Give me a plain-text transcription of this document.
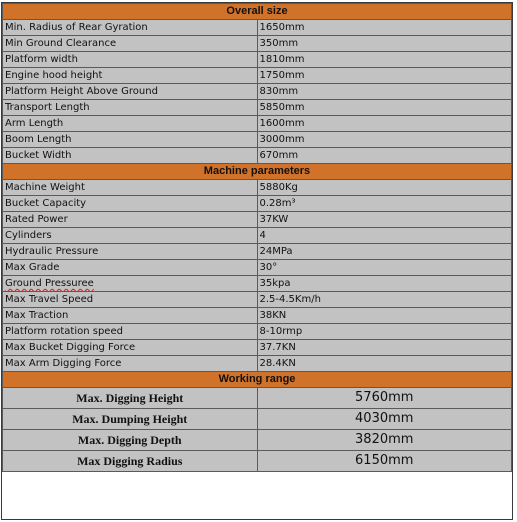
Overall size	
Min. Radius of Rear Gyration	1650mm
Min Ground Clearance	350mm
Platform width	1810mm
Engine hood height	1750mm
Platform Height Above Ground	830mm
Transport Length	5850mm
Arm Length	1600mm
Boom Length	3000mm
Bucket Width	670mm
Machine parameters	
Machine Weight	5880Kg
Bucket Capacity	0.28m³
Rated Power	37KW
Cylinders	4
Hydraulic Pressure	24MPa
Max Grade	30°
Ground Pressuree	35kpa
Max Travel Speed	2.5-4.5Km/h
Max Traction	38KN
Platform rotation speed	8-10rmp
Max Bucket Digging Force	37.7KN
Max Arm Digging Force	28.4KN
Working range	
Max. Digging Height	5760mm
Max. Dumping Height	4030mm
Max. Digging Depth	3820mm
Max Digging Radius	6150mm
